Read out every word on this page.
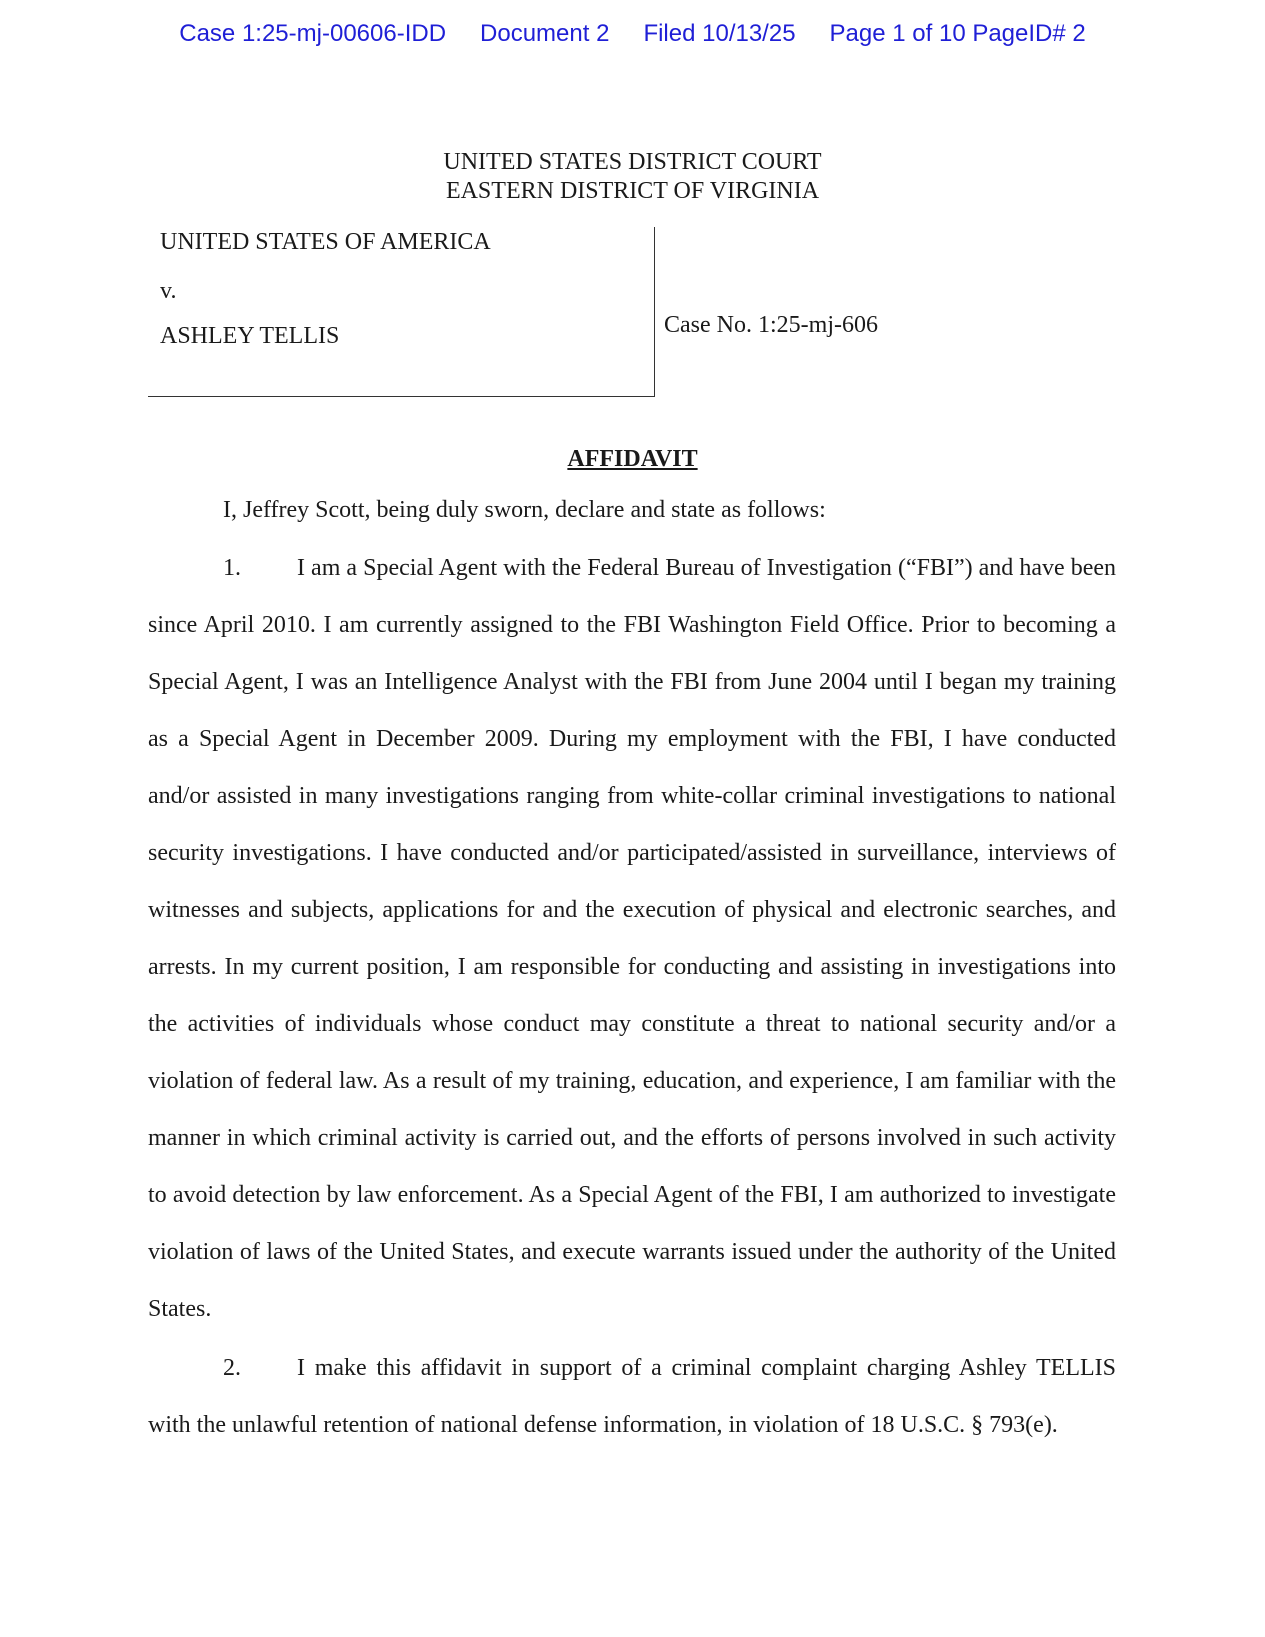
Case 1:25-mj-00606-IDD Document 2 Filed 10/13/25 Page 1 of 10 PageID# 2
UNITED STATES DISTRICT COURT
EASTERN DISTRICT OF VIRGINIA
UNITED STATES OF AMERICA
v.
ASHLEY TELLIS	Case No. 1:25-mj-606
AFFIDAVIT
I, Jeffrey Scott, being duly sworn, declare and state as follows:
1. I am a Special Agent with the Federal Bureau of Investigation (“FBI”) and have been since April 2010. I am currently assigned to the FBI Washington Field Office. Prior to becoming a Special Agent, I was an Intelligence Analyst with the FBI from June 2004 until I began my training as a Special Agent in December 2009. During my employment with the FBI, I have conducted and/or assisted in many investigations ranging from white-collar criminal investigations to national security investigations. I have conducted and/or participated/assisted in surveillance, interviews of witnesses and subjects, applications for and the execution of physical and electronic searches, and arrests. In my current position, I am responsible for conducting and assisting in investigations into the activities of individuals whose conduct may constitute a threat to national security and/or a violation of federal law. As a result of my training, education, and experience, I am familiar with the manner in which criminal activity is carried out, and the efforts of persons involved in such activity to avoid detection by law enforcement. As a Special Agent of the FBI, I am authorized to investigate violation of laws of the United States, and execute warrants issued under the authority of the United States.
2. I make this affidavit in support of a criminal complaint charging Ashley TELLIS with the unlawful retention of national defense information, in violation of 18 U.S.C. § 793(e).
